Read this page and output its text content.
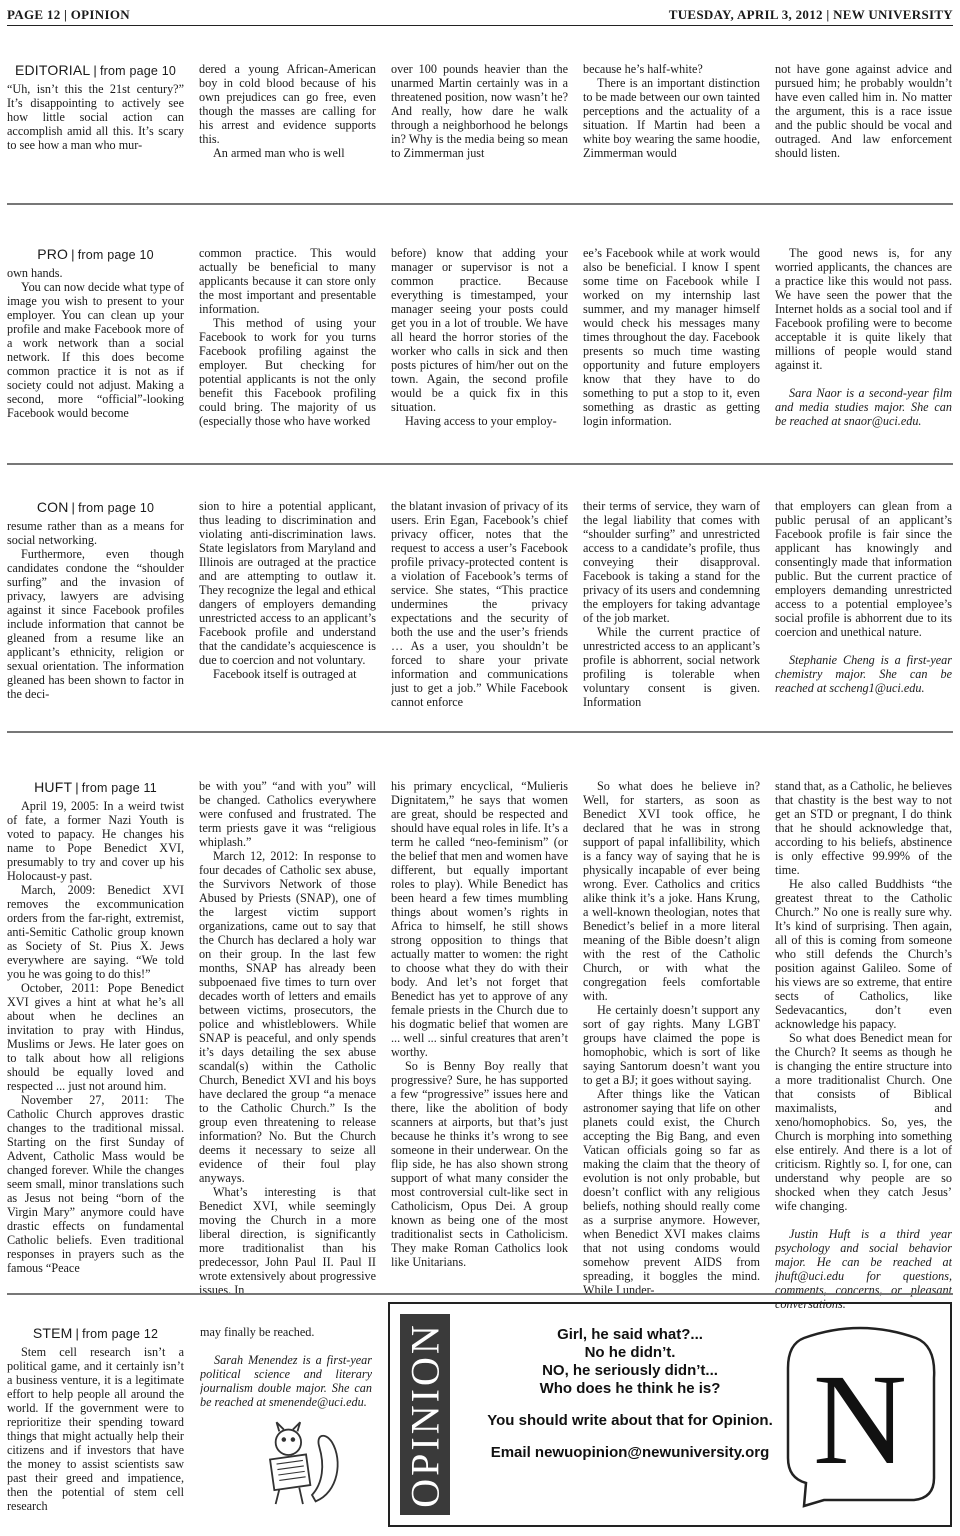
PAGE 12 | OPINION	TUESDAY, APRIL 3, 2012 | NEW UNIVERSITY
EDITORIAL | from page 10

“Uh, isn’t this the 21st century?” It’s disappointing to actively see how little social action can accomplish amid all this. It’s scary to see how a man who mur-

dered a young African-American boy in cold blood because of his own prejudices can go free, even though the masses are calling for his arrest and evidence supports this.

An armed man who is well

over 100 pounds heavier than the unarmed Martin certainly was in a threatened position, now wasn’t he? And really, how dare he walk through a neighborhood he belongs in? Why is the media being so mean to Zimmerman just

because he’s half-white?

There is an important distinction to be made between our own tainted perceptions and the actuality of a situation. If Martin had been a white boy wearing the same hoodie, Zimmerman would

not have gone against advice and pursued him; he probably wouldn’t have even called him in. No matter the argument, this is a race issue and the public should be vocal and outraged. And law enforcement should listen.

PRO | from page 10

own hands.

You can now decide what type of image you wish to present to your employer. You can clean up your profile and make Facebook more of a work network than a social network. If this does become common practice it is not as if society could not adjust. Making a second, more “official”-looking Facebook would become

common practice. This would actually be beneficial to many applicants because it can store only the most important and presentable information.

This method of using your Facebook to work for you turns Facebook profiling against the employer. But checking for potential applicants is not the only benefit this Facebook profiling could bring. The majority of us (especially those who have worked

before) know that adding your manager or supervisor is not a common practice. Because everything is timestamped, your manager seeing your posts could get you in a lot of trouble. We have all heard the horror stories of the worker who calls in sick and then posts pictures of him/her out on the town. Again, the second profile would be a quick fix in this situation.

Having access to your employ-

ee’s Facebook while at work would also be beneficial. I know I spent some time on Facebook while I worked on my internship last summer, and my manager himself would check his messages many times throughout the day. Facebook presents so much time wasting opportunity and future employers know that they have to do something to put a stop to it, even something as drastic as getting login information.

The good news is, for any worried applicants, the chances are a practice like this would not pass. We have seen the power that the Internet holds as a social tool and if Facebook profiling were to become acceptable it is quite likely that millions of people would stand against it.

Sara Naor is a second-year film and media studies major. She can be reached at snaor@uci.edu.

CON | from page 10

resume rather than as a means for social networking.

Furthermore, even though candidates condone the “shoulder surfing” and the invasion of privacy, lawyers are advising against it since Facebook profiles include information that cannot be gleaned from a resume like an applicant’s ethnicity, religion or sexual orientation. The information gleaned has been shown to factor in the deci-

sion to hire a potential applicant, thus leading to discrimination and violating anti-discrimination laws. State legislators from Maryland and Illinois are outraged at the practice and are attempting to outlaw it. They recognize the legal and ethical dangers of employers demanding unrestricted access to an applicant’s Facebook profile and understand that the candidate’s acquiescence is due to coercion and not voluntary.

Facebook itself is outraged at

the blatant invasion of privacy of its users. Erin Egan, Facebook’s chief privacy officer, notes that the request to access a user’s Facebook profile privacy-protected content is a violation of Facebook’s terms of service. She states, “This practice undermines the privacy expectations and the security of both the use and the user’s friends … As a user, you shouldn’t be forced to share your private information and communications just to get a job.” While Facebook cannot enforce

their terms of service, they warn of the legal liability that comes with “shoulder surfing” and unrestricted access to a candidate’s profile, thus conveying their disapproval. Facebook is taking a stand for the privacy of its users and condemning the employers for taking advantage of the job market.

While the current practice of unrestricted access to an applicant’s profile is abhorrent, social network profiling is tolerable when voluntary consent is given. Information

that employers can glean from a public perusal of an applicant’s Facebook profile is fair since the applicant has knowingly and consentingly made that information public. But the current practice of employers demanding unrestricted access to a potential employee’s social profile is abhorrent due to its coercion and unethical nature.

Stephanie Cheng is a first-year chemistry major. She can be reached at sccheng1@uci.edu.

HUFT | from page 11

April 19, 2005: In a weird twist of fate, a former Nazi Youth is voted to papacy. He changes his name to Pope Benedict XVI, presumably to try and cover up his Holocaust-y past.

March, 2009: Benedict XVI removes the excommunication orders from the far-right, extremist, anti-Semitic Catholic group known as Society of St. Pius X. Jews everywhere are saying. “We told you he was going to do this!”

October, 2011: Pope Benedict XVI gives a hint at what he’s all about when he declines an invitation to pray with Hindus, Muslims or Jews. He later goes on to talk about how all religions should be equally loved and respected ... just not around him.

November 27, 2011: The Catholic Church approves drastic changes to the traditional missal. Starting on the first Sunday of Advent, Catholic Mass would be changed forever. While the changes seem small, minor translations such as Jesus not being “born of the Virgin Mary” anymore could have drastic effects on fundamental Catholic beliefs. Even traditional responses in prayers such as the famous “Peace

be with you” “and with you” will be changed. Catholics everywhere were confused and frustrated. The term priests gave it was “religious whiplash.”

March 12, 2012: In response to four decades of Catholic sex abuse, the Survivors Network of those Abused by Priests (SNAP), one of the largest victim support organizations, came out to say that the Church has declared a holy war on their group. In the last few months, SNAP has already been subpoenaed five times to turn over decades worth of letters and emails between victims, prosecutors, the police and whistleblowers. While SNAP is peaceful, and only spends it’s days detailing the sex abuse scandal(s) within the Catholic Church, Benedict XVI and his boys have declared the group “a menace to the Catholic Church.” Is the group even threatening to release information? No. But the Church deems it necessary to seize all evidence of their foul play anyways.

What’s interesting is that Benedict XVI, while seemingly moving the Church in a more liberal direction, is significantly more traditionalist than his predecessor, John Paul II. Paul II wrote extensively about progressive issues. In

his primary encyclical, “Mulieris Dignitatem,” he says that women are great, should be respected and should have equal roles in life. It’s a term he called “neo-feminism” (or the belief that men and women have different, but equally important roles to play). While Benedict has been heard a few times mumbling things about women’s rights in Africa to himself, he still shows strong opposition to things that actually matter to women: the right to choose what they do with their body. And let’s not forget that Benedict has yet to approve of any female priests in the Church due to his dogmatic belief that women are ... well ... sinful creatures that aren’t worthy.

So is Benny Boy really that progressive? Sure, he has supported a few “progressive” issues here and there, like the abolition of body scanners at airports, but that’s just because he thinks it’s wrong to see someone in their underwear. On the flip side, he has also shown strong support of what many consider the most controversial cult-like sect in Catholicism, Opus Dei. A group known as being one of the most traditionalist sects in Catholicism. They make Roman Catholics look like Unitarians.

So what does he believe in? Well, for starters, as soon as Benedict XVI took office, he declared that he was in strong support of papal infallibility, which is a fancy way of saying that he is physically incapable of ever being wrong. Ever. Catholics and critics alike think it’s a joke. Hans Krung, a well-known theologian, notes that Benedict’s belief in a more literal meaning of the Bible doesn’t align with the rest of the Catholic Church, or with what the congregation feels comfortable with.

He certainly doesn’t support any sort of gay rights. Many LGBT groups have claimed the pope is homophobic, which is sort of like saying Santorum doesn’t want you to get a BJ; it goes without saying.

After things like the Vatican astronomer saying that life on other planets could exist, the Church accepting the Big Bang, and even Vatican officials going so far as making the claim that the theory of evolution is not only probable, but doesn’t conflict with any religious beliefs, nothing should really come as a surprise anymore. However, when Benedict XVI makes claims that not using condoms would somehow prevent AIDS from spreading, it boggles the mind. While I under-

stand that, as a Catholic, he believes that chastity is the best way to not get an STD or pregnant, I do think that he should acknowledge that, according to his beliefs, abstinence is only effective 99.99% of the time.

He also called Buddhists “the greatest threat to the Catholic Church.” No one is really sure why. It’s kind of surprising. Then again, all of this is coming from someone who still defends the Church’s position against Galileo. Some of his views are so extreme, that entire sects of Catholics, like Sedevacantics, don’t even acknowledge his papacy.

So what does Benedict mean for the Church? It seems as though he is changing the entire structure into a more traditionalist Church. One that consists of Biblical maximalists, and xeno/homophobics. So, yes, the Church is morphing into something else entirely. And there is a lot of criticism. Rightly so. I, for one, can understand why people are so shocked when they catch Jesus’ wife changing.

Justin Huft is a third year psychology and social behavior major. He can be reached at jhuft@uci.edu for questions, comments, concerns, or pleasant conversations.

STEM | from page 12

Stem cell research isn’t a political game, and it certainly isn’t a business venture, it is a legitimate effort to help people all around the world. If the government were to reprioritize their spending toward things that might actually help their citizens and if investors that have the money to assist scientists saw past their greed and impatience, then the potential of stem cell research

may finally be reached.

Sarah Menendez is a first-year political science and literary journalism double major. She can be reached at smenende@uci.edu. OPINION	Girl, he said what?...

No he didn’t.

NO, he seriously didn’t...

Who does he think he is?

You should write about that for Opinion.

Email newuopinion@newuniversity.org N
